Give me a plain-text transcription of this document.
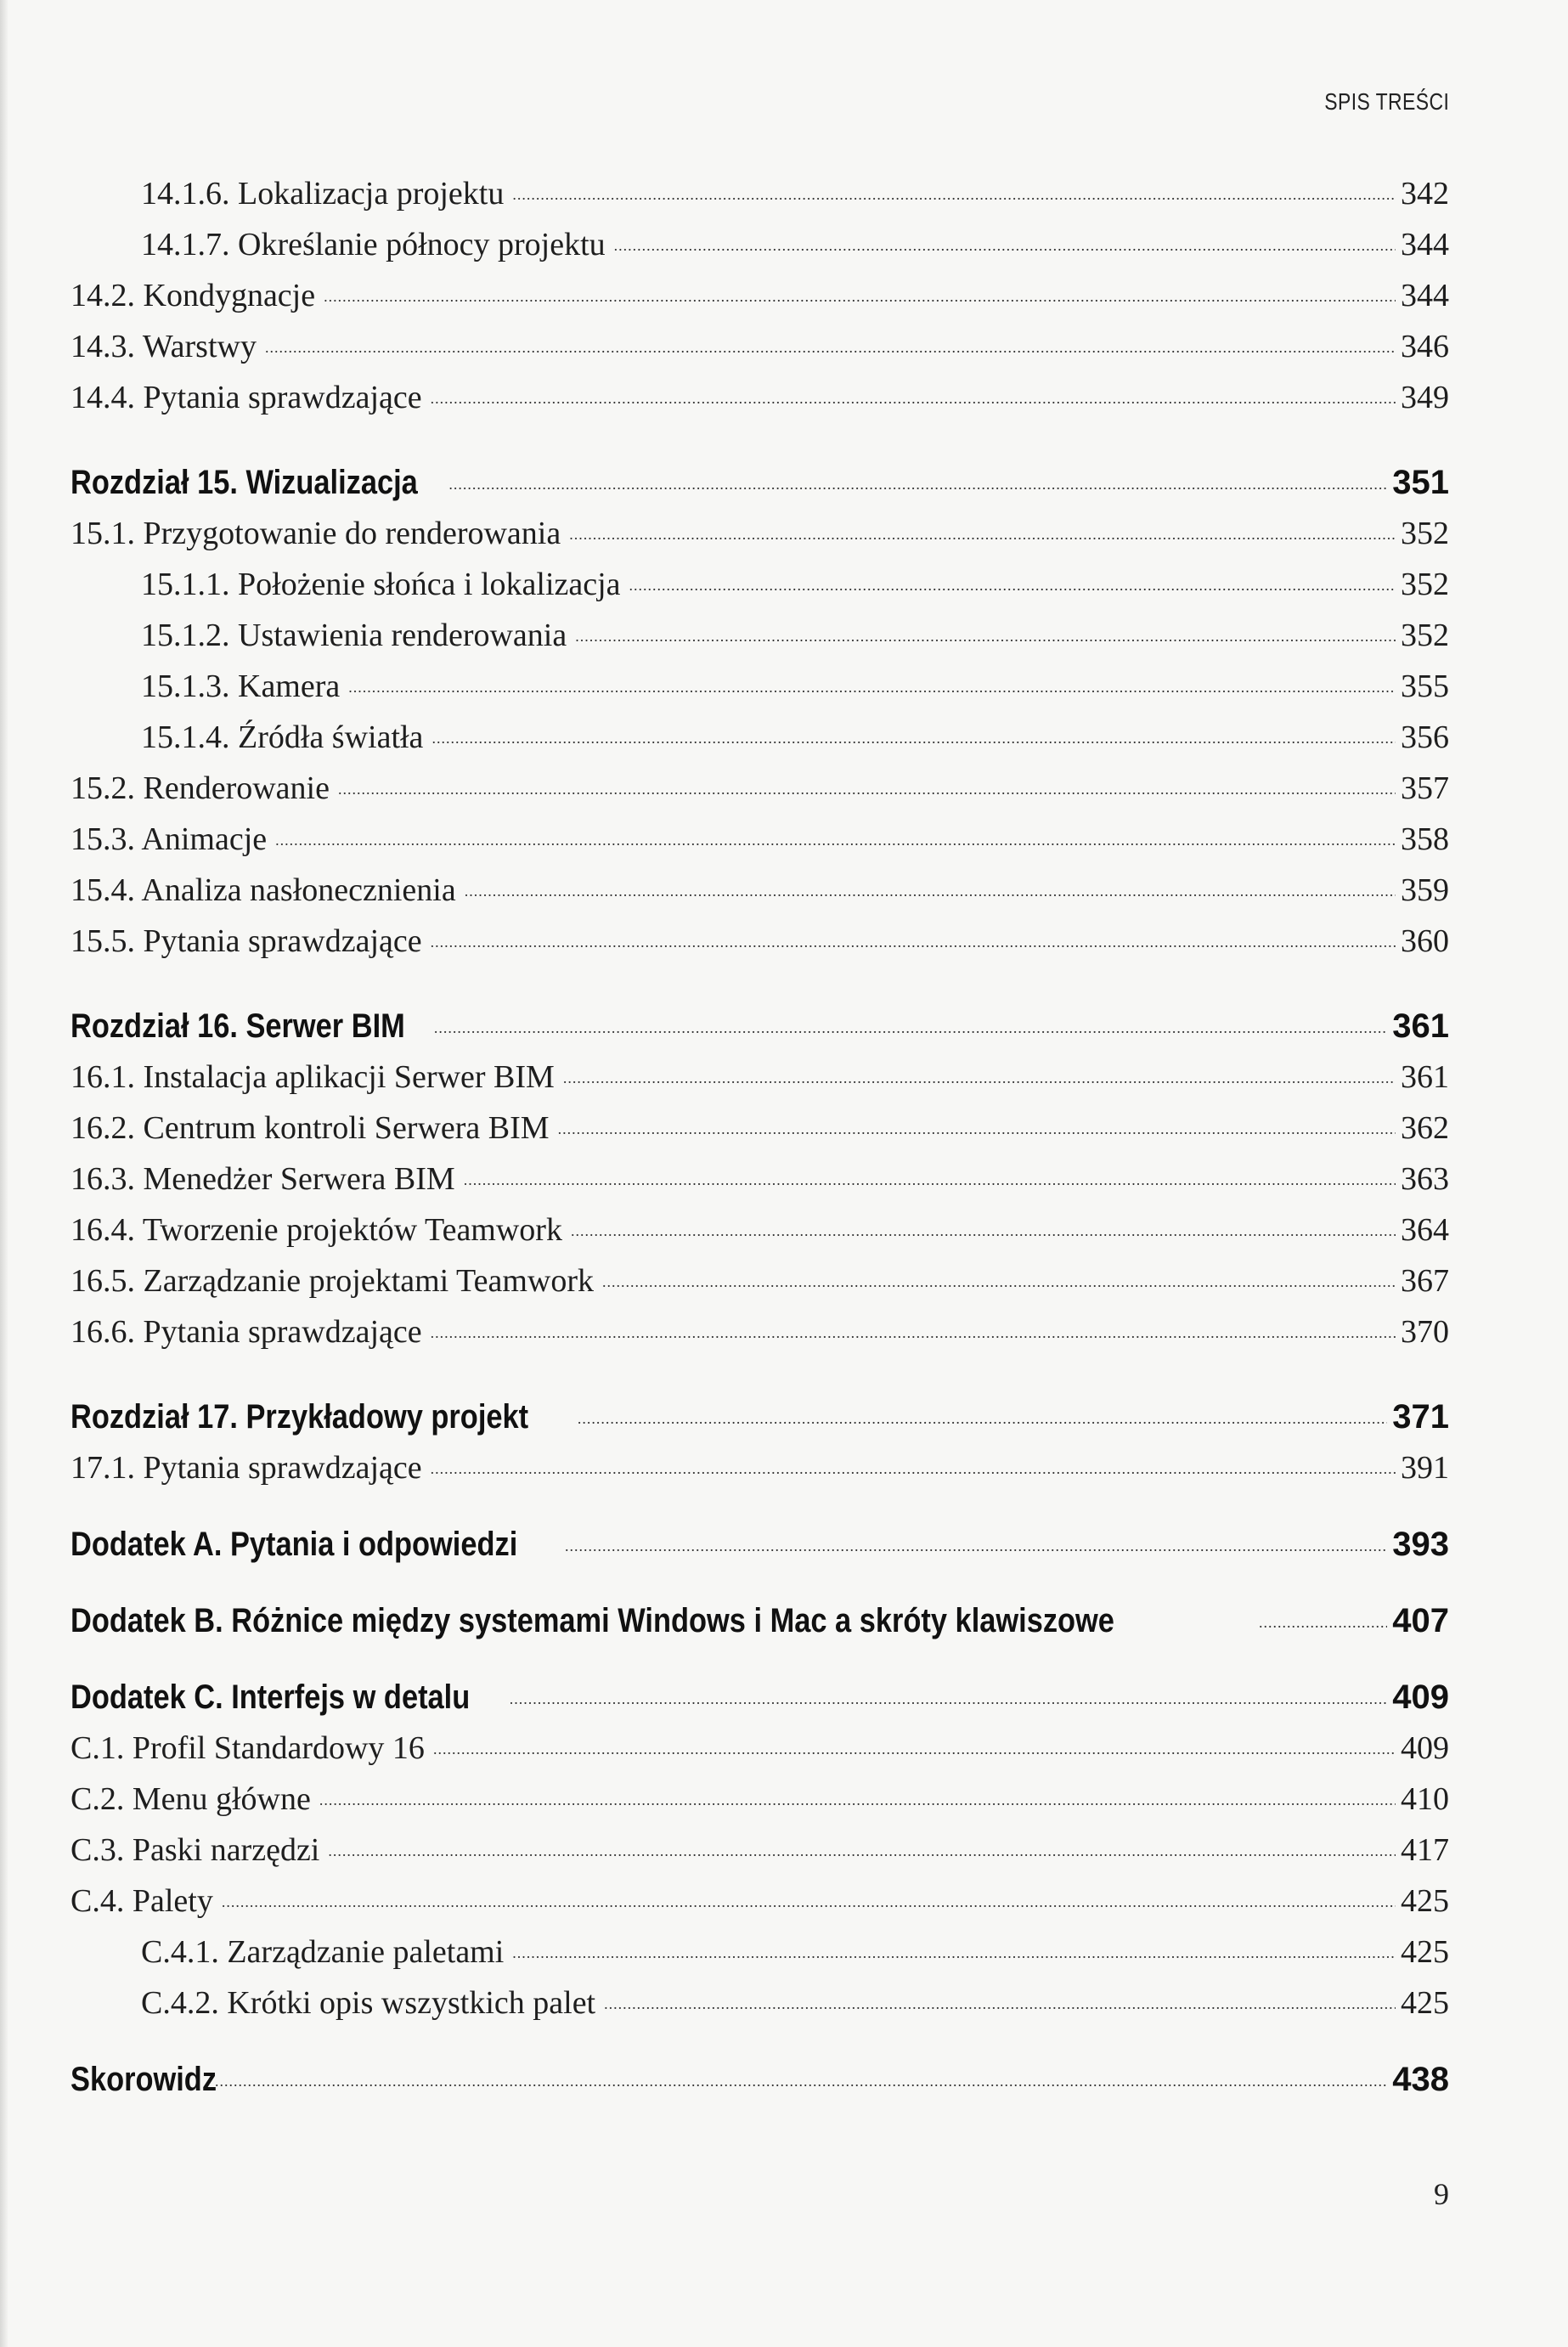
SPIS TREŚCI
14.1.6. Lokalizacja projektu .....	342
14.1.7. Określanie północy projektu .....	344
14.2. Kondygnacje .....	344
14.3. Warstwy .....	346
14.4. Pytania sprawdzające .....	349
Rozdział 15. Wizualizacja .....	351
15.1. Przygotowanie do renderowania .....	352
15.1.1. Położenie słońca i lokalizacja .....	352
15.1.2. Ustawienia renderowania .....	352
15.1.3. Kamera .....	355
15.1.4. Źródła światła .....	356
15.2. Renderowanie .....	357
15.3. Animacje .....	358
15.4. Analiza nasłonecznienia .....	359
15.5. Pytania sprawdzające .....	360
Rozdział 16. Serwer BIM .....	361
16.1. Instalacja aplikacji Serwer BIM .....	361
16.2. Centrum kontroli Serwera BIM .....	362
16.3. Menedżer Serwera BIM .....	363
16.4. Tworzenie projektów Teamwork .....	364
16.5. Zarządzanie projektami Teamwork .....	367
16.6. Pytania sprawdzające .....	370
Rozdział 17. Przykładowy projekt .....	371
17.1. Pytania sprawdzające .....	391
Dodatek A. Pytania i odpowiedzi .....	393
Dodatek B. Różnice między systemami Windows i Mac a skróty klawiszowe .....	407
Dodatek C. Interfejs w detalu .....	409
C.1. Profil Standardowy 16 .....	409
C.2. Menu główne .....	410
C.3. Paski narzędzi .....	417
C.4. Palety .....	425
C.4.1. Zarządzanie paletami .....	425
C.4.2. Krótki opis wszystkich palet .....	425
Skorowidz .....	438
9
